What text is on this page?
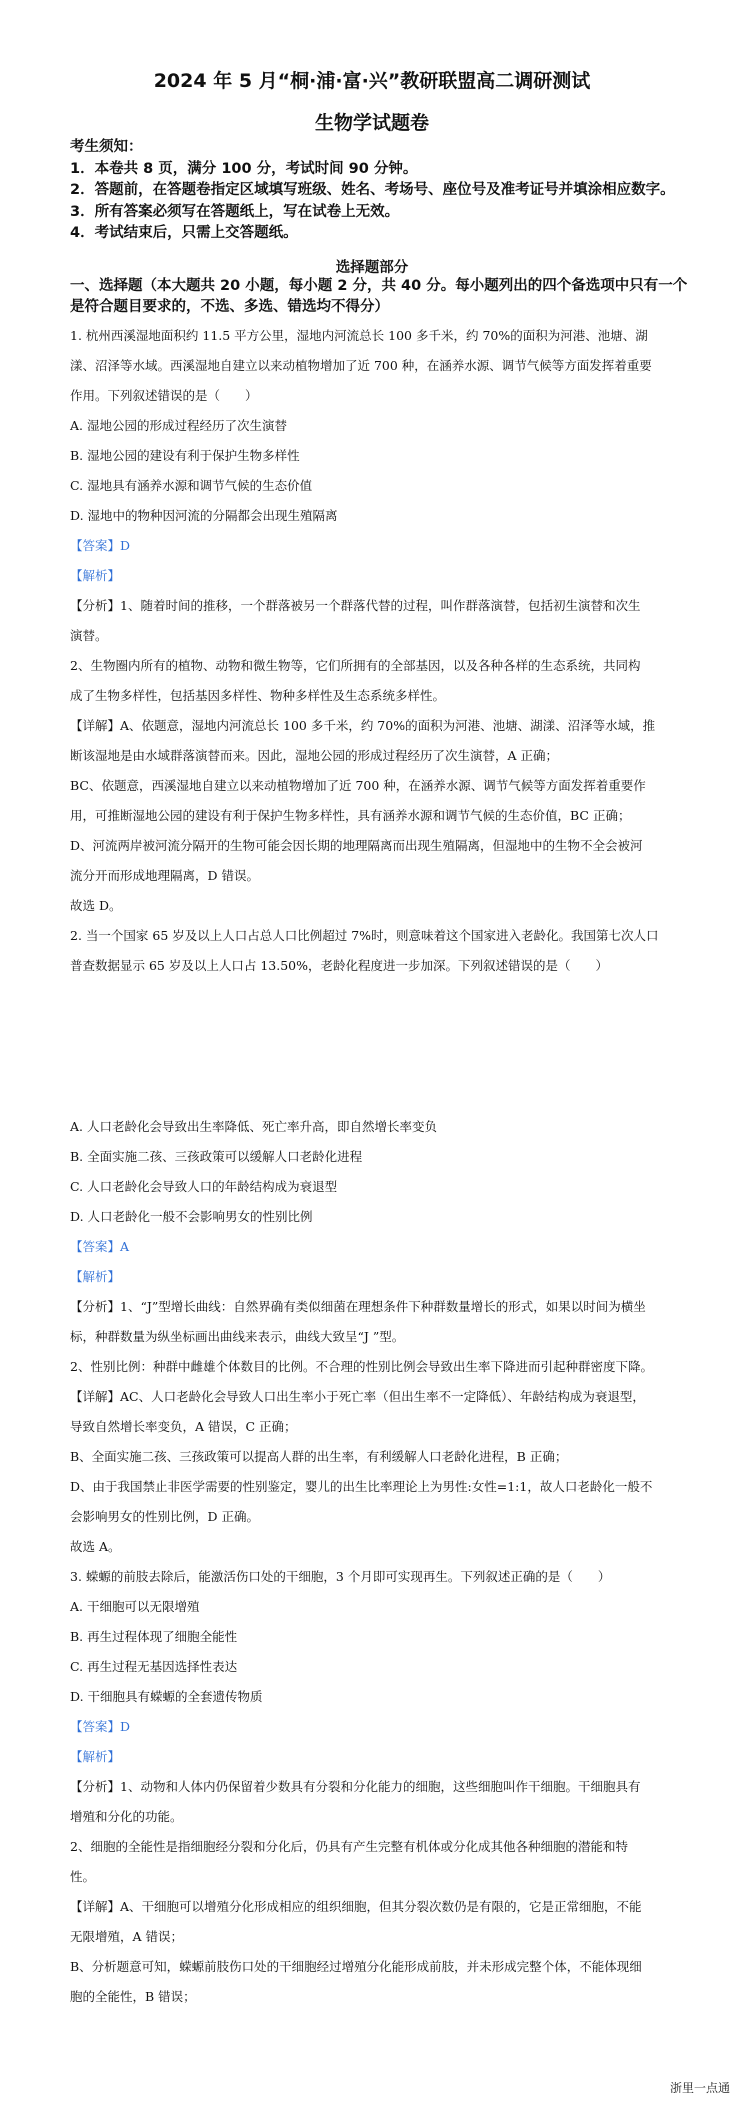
2024 年 5 月“桐·浦·富·兴”教研联盟高二调研测试
生物学试题卷
考生须知：
1．本卷共 8 页，满分 100 分，考试时间 90 分钟。
2．答题前，在答题卷指定区域填写班级、姓名、考场号、座位号及准考证号并填涂相应数字。
3．所有答案必须写在答题纸上，写在试卷上无效。
4．考试结束后，只需上交答题纸。
选择题部分
一、选择题（本大题共 20 小题，每小题 2 分，共 40 分。每小题列出的四个备选项中只有一个
是符合题目要求的，不选、多选、错选均不得分）
1. 杭州西溪湿地面积约 11.5 平方公里，湿地内河流总长 100 多千米，约 70%的面积为河港、池塘、湖
漾、沼泽等水域。西溪湿地自建立以来动植物增加了近 700 种，在涵养水源、调节气候等方面发挥着重要
作用。下列叙述错误的是（　　）
A. 湿地公园的形成过程经历了次生演替
B. 湿地公园的建设有利于保护生物多样性
C. 湿地具有涵养水源和调节气候的生态价值
D. 湿地中的物种因河流的分隔都会出现生殖隔离
【答案】D
【解析】
【分析】1、随着时间的推移，一个群落被另一个群落代替的过程，叫作群落演替，包括初生演替和次生
演替。
2、生物圈内所有的植物、动物和微生物等，它们所拥有的全部基因，以及各种各样的生态系统，共同构
成了生物多样性，包括基因多样性、物种多样性及生态系统多样性。
【详解】A、依题意，湿地内河流总长 100 多千米，约 70%的面积为河港、池塘、湖漾、沼泽等水域，推
断该湿地是由水域群落演替而来。因此，湿地公园的形成过程经历了次生演替，A 正确；
BC、依题意，西溪湿地自建立以来动植物增加了近 700 种，在涵养水源、调节气候等方面发挥着重要作
用，可推断湿地公园的建设有利于保护生物多样性，具有涵养水源和调节气候的生态价值，BC 正确；
D、河流两岸被河流分隔开的生物可能会因长期的地理隔离而出现生殖隔离，但湿地中的生物不全会被河
流分开而形成地理隔离，D 错误。
故选 D。
2. 当一个国家 65 岁及以上人口占总人口比例超过 7%时，则意味着这个国家进入老龄化。我国第七次人口
普查数据显示 65 岁及以上人口占 13.50%，老龄化程度进一步加深。下列叙述错误的是（　　）
A. 人口老龄化会导致出生率降低、死亡率升高，即自然增长率变负
B. 全面实施二孩、三孩政策可以缓解人口老龄化进程
C. 人口老龄化会导致人口的年龄结构成为衰退型
D. 人口老龄化一般不会影响男女的性别比例
【答案】A
【解析】
【分析】1、“J”型增长曲线：自然界确有类似细菌在理想条件下种群数量增长的形式，如果以时间为横坐
标，种群数量为纵坐标画出曲线来表示，曲线大致呈“J ”型。
2、性别比例：种群中雌雄个体数目的比例。不合理的性别比例会导致出生率下降进而引起种群密度下降。
【详解】AC、人口老龄化会导致人口出生率小于死亡率（但出生率不一定降低）、年龄结构成为衰退型，
导致自然增长率变负，A 错误，C 正确；
B、全面实施二孩、三孩政策可以提高人群的出生率，有利缓解人口老龄化进程，B 正确；
D、由于我国禁止非医学需要的性别鉴定，婴儿的出生比率理论上为男性:女性=1:1，故人口老龄化一般不
会影响男女的性别比例，D 正确。
故选 A。
3. 蝾螈的前肢去除后，能激活伤口处的干细胞，3 个月即可实现再生。下列叙述正确的是（　　）
A. 干细胞可以无限增殖
B. 再生过程体现了细胞全能性
C. 再生过程无基因选择性表达
D. 干细胞具有蝾螈的全套遗传物质
【答案】D
【解析】
【分析】1、动物和人体内仍保留着少数具有分裂和分化能力的细胞，这些细胞叫作干细胞。干细胞具有
增殖和分化的功能。
2、细胞的全能性是指细胞经分裂和分化后，仍具有产生完整有机体或分化成其他各种细胞的潜能和特
性。
【详解】A、干细胞可以增殖分化形成相应的组织细胞，但其分裂次数仍是有限的，它是正常细胞，不能
无限增殖，A 错误；
B、分析题意可知，蝾螈前肢伤口处的干细胞经过增殖分化能形成前肢，并未形成完整个体，不能体现细
胞的全能性，B 错误；
浙里一点通
